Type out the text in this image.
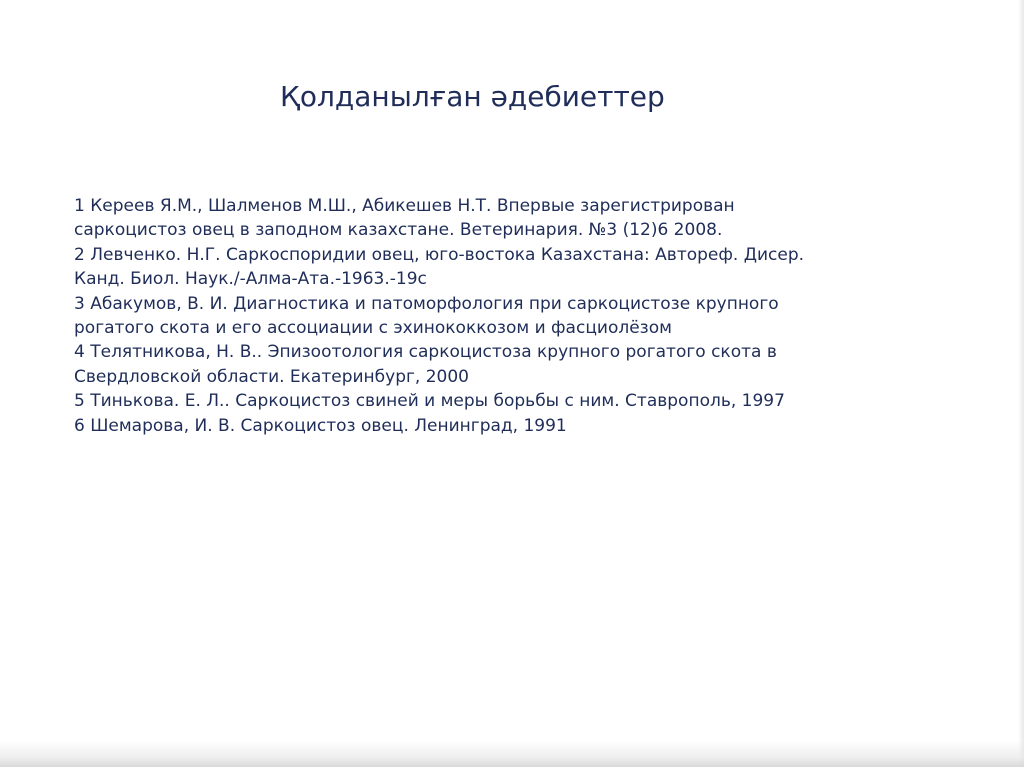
Қолданылған әдебиеттер
1 Кереев Я.М., Шалменов М.Ш., Абикешев Н.Т. Впервые зарегистрирован
саркоцистоз овец в заподном казахстане. Ветеринария. №3 (12)6 2008.
2 Левченко. Н.Г. Саркоспоридии овец, юго-востока Казахстана: Автореф. Дисер.
Канд. Биол. Наук./-Алма-Ата.-1963.-19с
3 Абакумов, В. И. Диагностика и патоморфология при саркоцистозе крупного
рогатого скота и его ассоциации с эхинококкозом и фасциолёзом
4 Телятникова, Н. В.. Эпизоотология саркоцистоза крупного рогатого скота в
Свердловской области. Екатеринбург, 2000
5 Тинькова. Е. Л.. Саркоцистоз свиней и меры борьбы с ним. Ставрополь, 1997
6 Шемарова, И. В. Саркоцистоз овец. Ленинград, 1991
